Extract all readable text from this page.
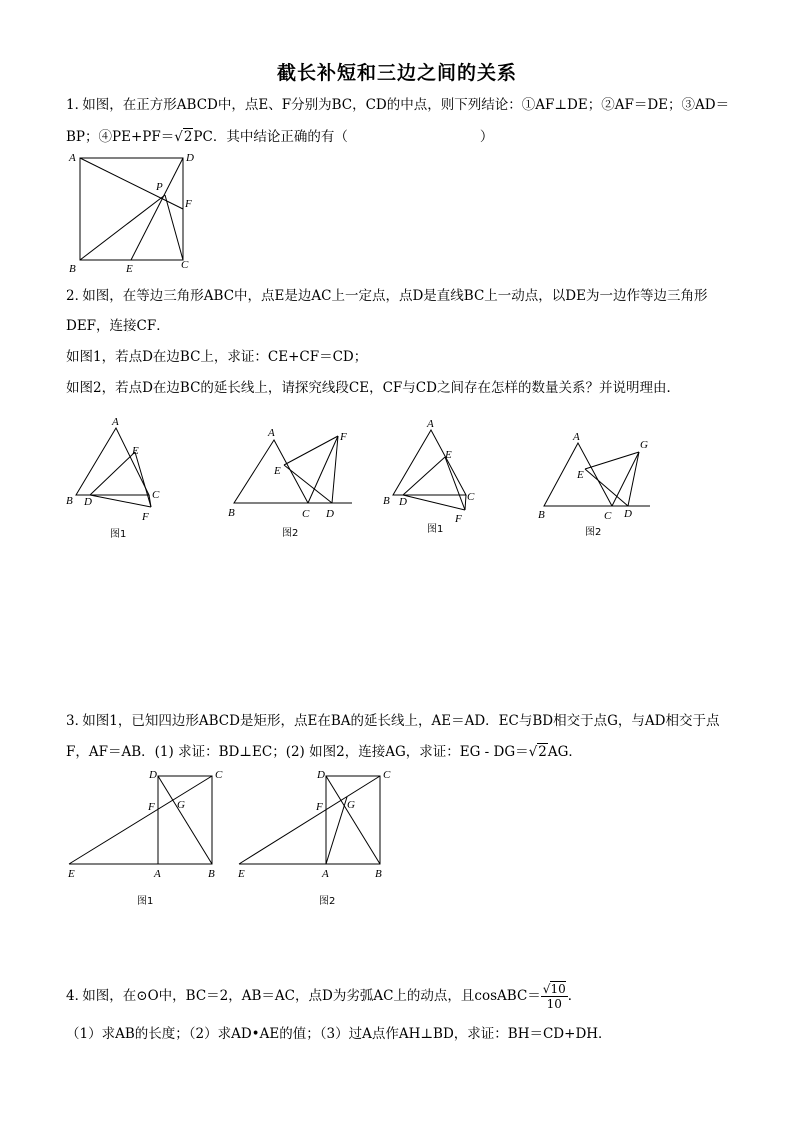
截长补短和三边之间的关系
1． 如图，在正方形ABCD中，点E、F分别为BC，CD的中点，则下列结论：①AF⊥DE；②AF＝DE；③AD＝
BP；④PE+PF＝√2PC．其中结论正确的有（	）
A	D
B	C
E
F
P
2． 如图，在等边三角形ABC中，点E是边AC上一定点，点D是直线BC上一动点，以DE为一边作等边三角形
DEF，连接CF．
如图1，若点D在边BC上，求证：CE+CF＝CD；
如图2，若点D在边BC的延长线上，请探究线段CE，CF与CD之间存在怎样的数量关系？并说明理由．
A
B	C
D
E
F
图1
A
B	C D
E
F
图2
A
B	C
D
E
F
图1
A
B	C D
E
G
图2
3． 如图1，已知四边形ABCD是矩形，点E在BA的延长线上，AE＝AD．EC与BD相交于点G，与AD相交于点
F，AF＝AB．(1) 求证：BD⊥EC；(2) 如图2，连接AG，求证：EG - DG＝√2AG．
D	C
F G
E	A	B
图1
D	C
F G
E	A	B
图2
4． 如图，在⊙O中，BC＝2，AB＝AC，点D为劣弧AC上的动点，且cosABC＝ $\frac{√10}{10}$ ．
（1）求AB的长度；（2）求AD•AE的值；（3）过A点作AH⊥BD，求证：BH＝CD+DH．
